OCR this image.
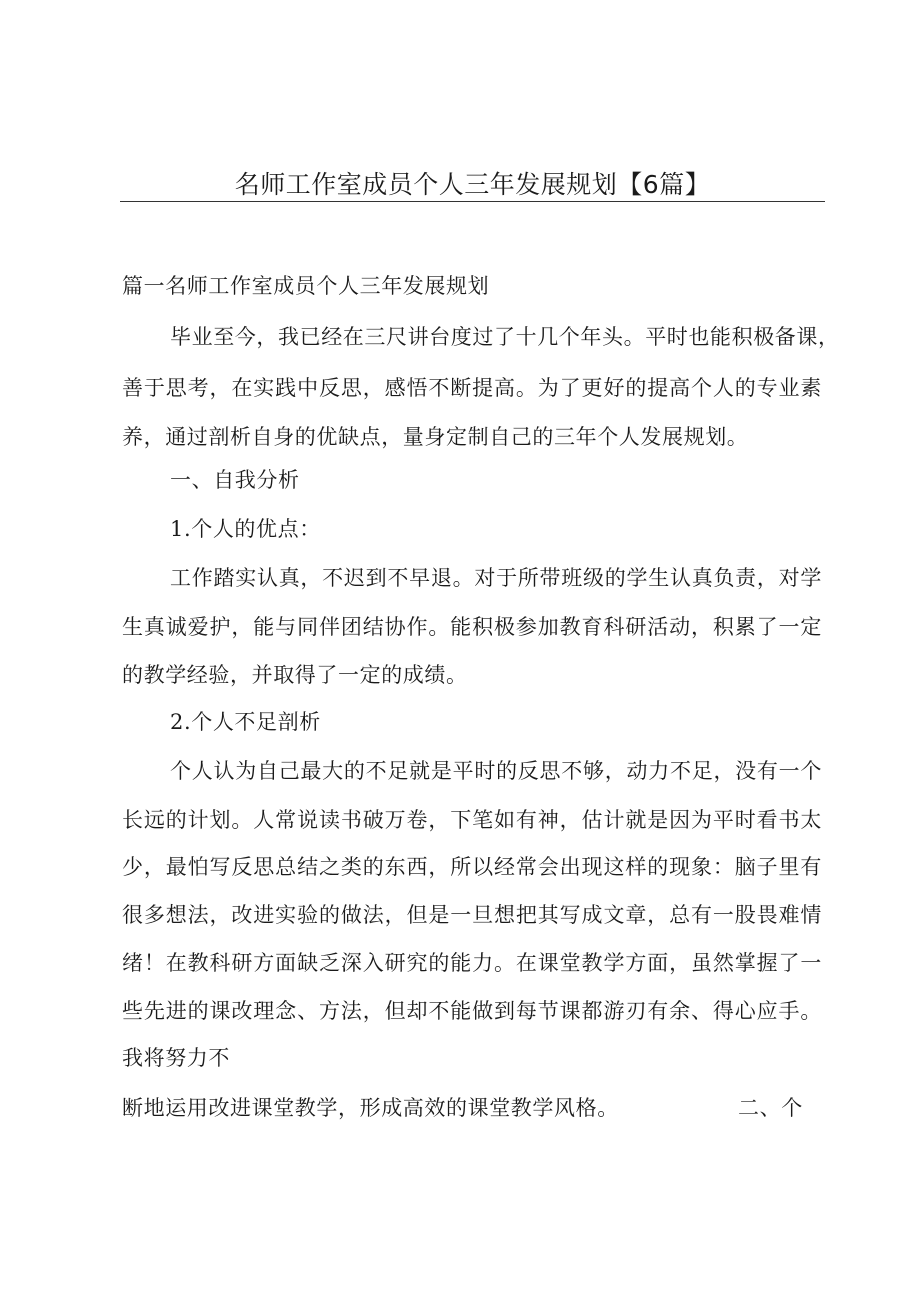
名师工作室成员个人三年发展规划【6篇】
篇一名师工作室成员个人三年发展规划
毕业至今，我已经在三尺讲台度过了十几个年头。平时也能积极备课，
善于思考，在实践中反思，感悟不断提高。为了更好的提高个人的专业素
养，通过剖析自身的优缺点，量身定制自己的三年个人发展规划。
一、自我分析
1.个人的优点：
工作踏实认真，不迟到不早退。对于所带班级的学生认真负责，对学
生真诚爱护，能与同伴团结协作。能积极参加教育科研活动，积累了一定
的教学经验，并取得了一定的成绩。
2.个人不足剖析
个人认为自己最大的不足就是平时的反思不够，动力不足，没有一个
长远的计划。人常说读书破万卷，下笔如有神，估计就是因为平时看书太
少，最怕写反思总结之类的东西，所以经常会出现这样的现象：脑子里有
很多想法，改进实验的做法，但是一旦想把其写成文章，总有一股畏难情
绪！在教科研方面缺乏深入研究的能力。在课堂教学方面，虽然掌握了一
些先进的课改理念、方法，但却不能做到每节课都游刃有余、得心应手。
我将努力不
断地运用改进课堂教学，形成高效的课堂教学风格。	二、个
